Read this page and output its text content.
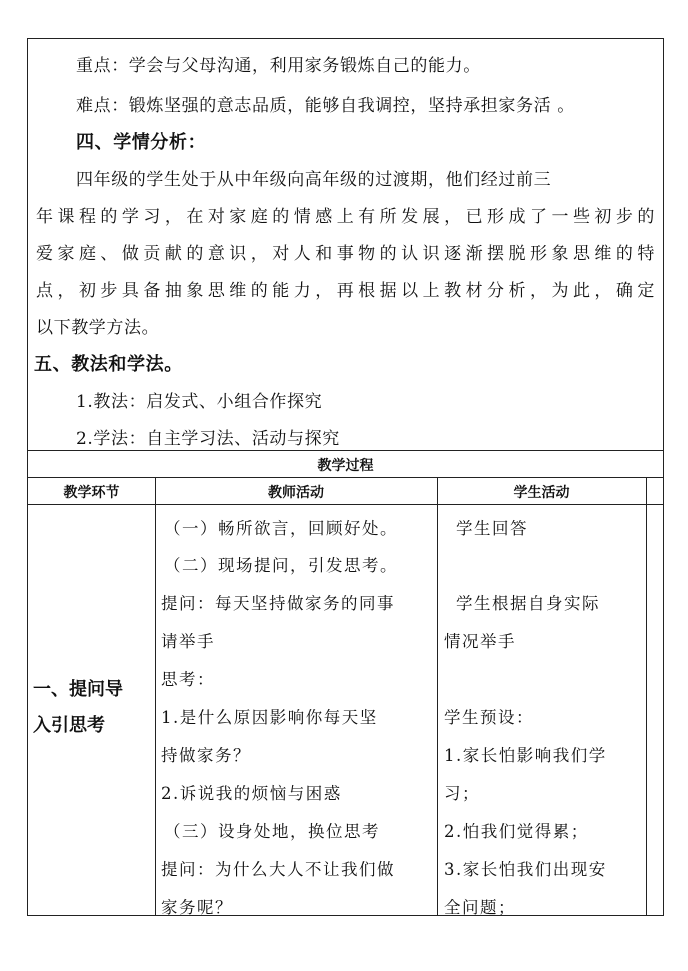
重点：学会与父母沟通，利用家务锻炼自己的能力。
难点：锻炼坚强的意志品质，能够自我调控，坚持承担家务活 。
四、学情分析：
四年级的学生处于从中年级向高年级的过渡期，他们经过前三
年课程的学习，在对家庭的情感上有所发展，已形成了一些初步的
爱家庭、做贡献的意识，对人和事物的认识逐渐摆脱形象思维的特
点，初步具备抽象思维的能力，再根据以上教材分析，为此，确定
以下教学方法。
五、教法和学法。
1.教法：启发式、小组合作探究
2.学法：自主学习法、活动与探究
教学过程
教学环节	教师活动	学生活动
一、提问导
入引思考
（一）畅所欲言，回顾好处。
（二）现场提问，引发思考。
提问：每天坚持做家务的同事
请举手
思考：
1.是什么原因影响你每天坚
持做家务？
2.诉说我的烦恼与困惑
（三）设身处地，换位思考
提问：为什么大人不让我们做
家务呢？
学生回答
学生根据自身实际
情况举手
学生预设：
1.家长怕影响我们学
习；
2.怕我们觉得累；
3.家长怕我们出现安
全问题；
